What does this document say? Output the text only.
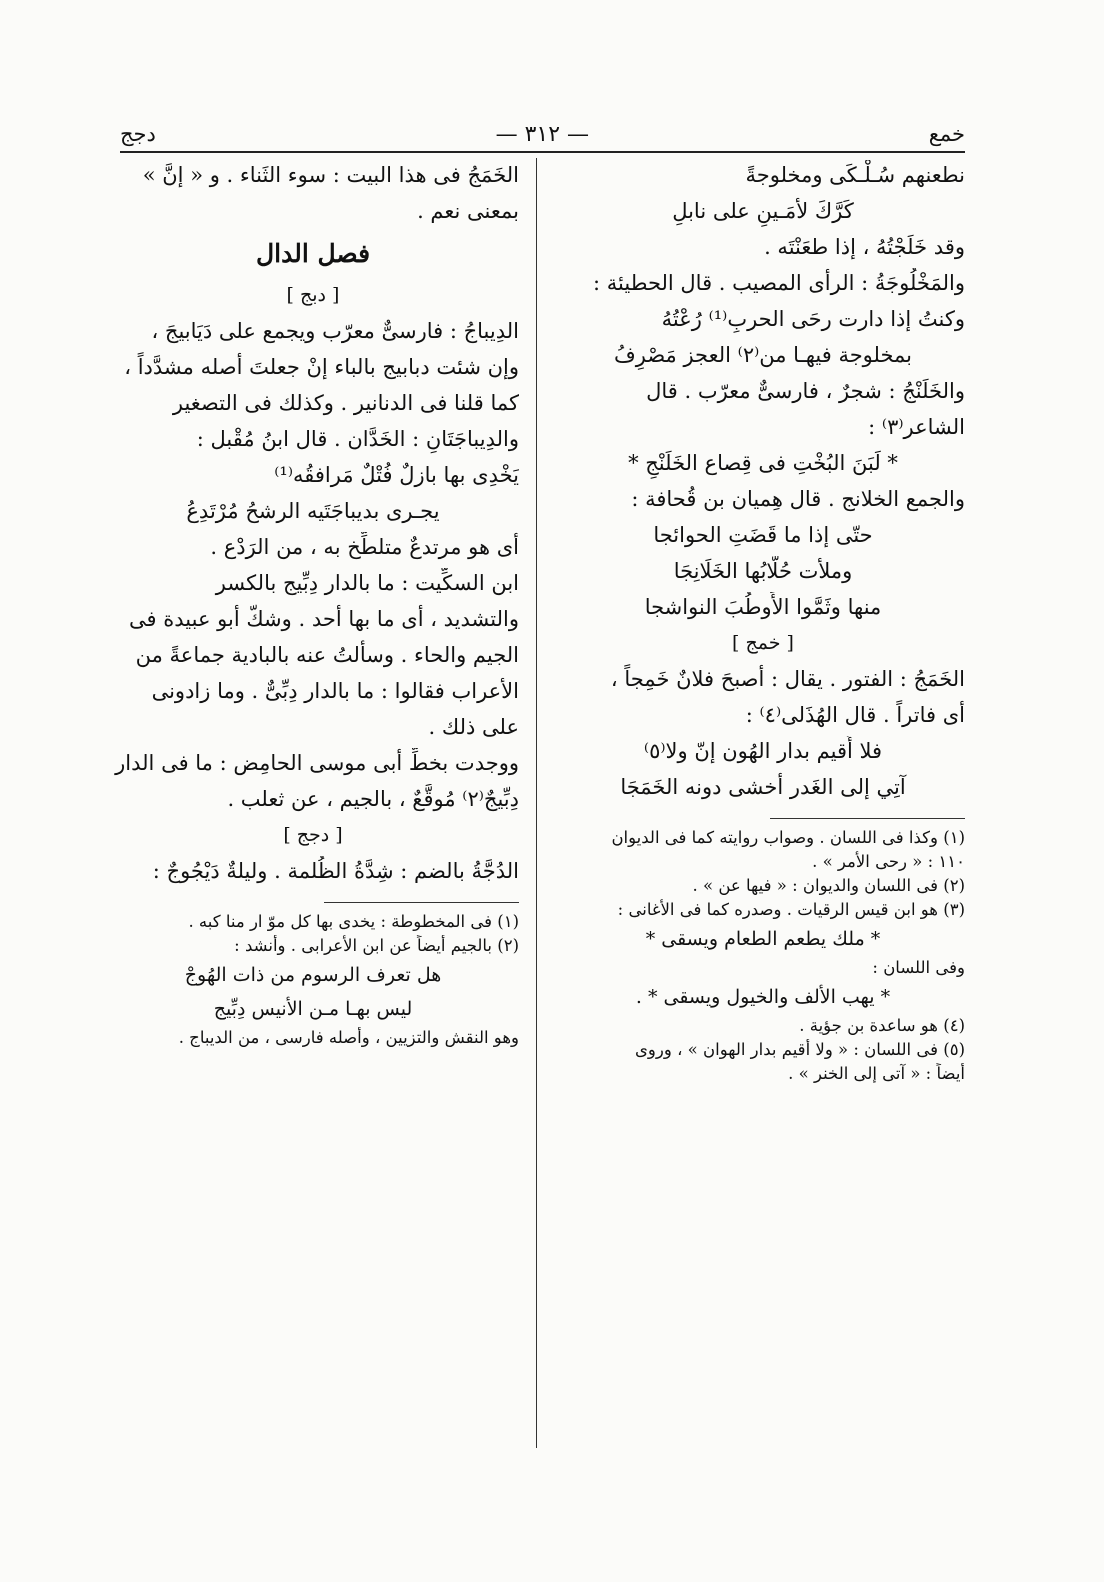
خمع
— ٣١٢ —
دجج
نطعنهم سُـلْـكَى ومخلوجةً
كَرَّكَ لأمَـينِ على نابلِ
وقد خَلَجْتُهُ ، إذا طعَنْتَه .
والمَخْلُوجَةُ : الرأى المصيب . قال الحطيئة :
وكنتُ إذا دارت رحَى الحربِ⁽¹⁾ رُعْتُهُ
بمخلوجة فيهـا من⁽٢⁾ العجز مَصْرِفُ
والخَلَنْجُ : شجرٌ ، فارسىٌّ معرّب . قال
الشاعر⁽٣⁾ :
* لَبَنَ البُخْتِ فى قِصاع الخَلَنْجِ *
والجمع الخلانج . قال هِميان بن قُحافة :
حتّى إذا ما قَضَتِ الحوائجا
وملأت حُلّابُها الخَلَانِجَا
منها وثَمَّوا الأَوطُبَ النواشجا
[ خمج ]
الخَمَجُ : الفتور . يقال : أصبحَ فلانٌ خَمِجاً ،
أى فاتراً . قال الهُذَلى⁽٤⁾ :
فلا أُقيم بدار الهُون إنّ ولا⁽٥⁾
آتِي إلى الغَدر أخشى دونه الخَمَجَا
(١) وكذا فى اللسان . وصواب روايته كما فى الديوان
١١٠ : « رحى الأمر » .
(٢) فى اللسان والديوان : « فيها عن » .
(٣) هو ابن قيس الرقيات . وصدره كما فى الأغانى :
* ملك يطعم الطعام ويسقى *
وفى اللسان :
* يهب الألف والخيول ويسقى * .
(٤) هو ساعدة بن جؤية .
(٥) فى اللسان : « ولا أقيم بدار الهوان » ، وروى
أيضاً : « آتى إلى الخنر » .
الخَمَجُ فى هذا البيت : سوء الثَناء . و « إنَّ »
بمعنى نعم .
فصل الدال
[ دبج ]
الدِيباجُ : فارسىٌّ معرّب ويجمع على دَيَابيجَ ،
وإن شئت دبابيج بالباء إنْ جعلتَ أصله مشدَّداً ،
كما قلنا فى الدنانير . وكذلك فى التصغير
والدِيباجَتَانِ : الخَدَّان . قال ابنُ مُقْبل :
يَخْدِى بها بازلٌ فُتْلٌ مَرافقُه⁽¹⁾
يجـرى بديباجَتَيه الرشحُ مُرْتَدِعُ
أى هو مرتدعٌ متلطِّخ به ، من الرَدْع .
ابن السكِّيت : ما بالدار دِبِّيج بالكسر
والتشديد ، أى ما بها أحد . وشكّ أبو عبيدة فى
الجيم والحاء . وسألتُ عنه بالبادية جماعةً من
الأعراب فقالوا : ما بالدار دِبِّىٌّ . وما زادونى
على ذلك .
ووجدت بخطِّ أبى موسى الحامِض : ما فى الدار
دِبِّيجٌ⁽٢⁾ مُوقَّعٌ ، بالجيم ، عن ثعلب .
[ دجج ]
الدُجَّةُ بالضم : شِدَّةُ الظُلمة . وليلةٌ دَيْجُوجٌ :
(١) فى المخطوطة : يخدى بها كل موّ ار منا كبه .
(٢) بالجيم أيضاً عن ابن الأعرابى . وأنشد :
هل تعرف الرسوم من ذات الهُوجْ
ليس بهـا مـن الأنيس دِبِّيج
وهو النقش والتزيين ، وأصله فارسى ، من الديباج .
